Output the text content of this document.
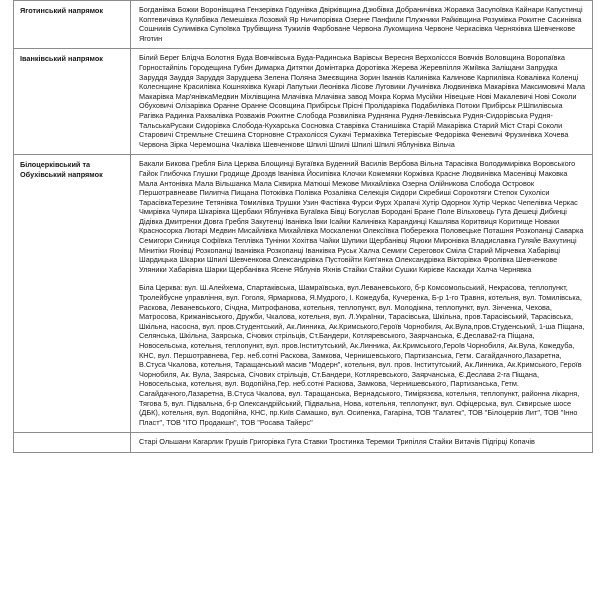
Яготинський напрямок	Богданівка Божки Воронівщина Гензерівка Годунівка Двірківщина Дзюбівка Добраничівка Жоравка Засупоївка Кайнари Капустинці Коптевичівка Кулябівка Лемешівка Лозовий Яр Ничипорівка Озерне Панфили Плужники Райківщина Розумівка Рокитне Сасинівка Сошників Сулимівка Супоївка Трубівщина Тужилів Фарбоване Червона Лукомщина Червоне Черкасівка Черняхівка Шевченкове Яготин

Іванківський напрямок	Білий Берег Блідча Болотня Буда Вовчківська Буда-Радинська Варівськ Вересня Верхоліссся Вовчків Воловщина Воропаївка Горностайпіль Городещина Губин Димарка Дитятки Домінтарка Доротівка Жерева Жеревпілля Жміївка Заліщани Запрудка Заруддя Зауддя Заруддя Зарудцева Зелена Поляна Змеєвщина Зорин Іванків Калинівка Калинове Карпилівка Ковалівка Коленці Колеснщине Красилівка Кошняхівка Кукарі Лапутьки Леонівка Лісове Луговики Лучинівка Людвинівка Макарівка Максимовичі Мала Макарівка Мар'янівкаМедвин Міхлівщина Млачівка Млачівка завод Мокра Корма Мусійки Нівецьке Нові Макалевичі Нові Соколи Обуховичі Олізарівка Оранне Оранне Осовщина Прибірськ Прісні Пролідарівка Подабилівка Потоки Прибірськ Р.Шпилівська Рагівка Радинка Рахвалівка Розважів Рокитне Слобода Розвилівка Руднянка Рудня-Левківська Рудня-Сидорівська Рудня-ТальськаРусаки Сидорівка Слобода-Кухарська Сосновка Ставрівка Станишівка Старій Макарівка Старий Міст Старі Соколи Старовичі Стремльне Стешина Сторновне Страхолісся Сукачі Термахівка Тетерівське Федорівка Феневичі Фрузинівка Хочева Червона Зірка Черемошна Чкалівка Шевченкове Шпилі Шпилі Шпилі Шпилі Яблунівка Вільча

Білоцерківський та Обухівський напрямок	Бакали Бикова Гребля Біла Церква Блощинці Бугаївка Буденний Василів Вербова Вільна Тарасівка Володимирівка Воровського Гайок Глибочка Глушки Гродище Дроздв Іванівка Йосипівка Клочки Кожемяки Коржівка Красне Людвинівка Масенівці Маковка Мала Антонівка Мала Вільшанка Мала Сквирка Матюші Межове Михайлівка Озерна Олійникова Слобода Островок Першотравнеаве Пилипча Пищана Потоківка Полівка Розалівка Селекція Сидори Скребиші Сорокотяги Степок Сухоліси ТарасівкаТерезине Тетянівка Томилівка Трушки Узин Фастівка Фурси Фурх Храпачі Хутір Одорнок Хутір Черкас Чепелівка Черкас Чмирівка Чупира Шкарівка Щербаки Яблунівка Бугаївка Бівці Богуслав Бородані Бране Поле Вільховець Гута Дешеці Дибинці Дідівка Дмитренки Довга Гребля Закутенці Іванівка Ївки Ісайки Калинівка Карандинці Кашлява Коритвиця Коритище Новаки Красносорка Лютарі Медвин Мисайлівка Михайлівка Москаленки Олексіївка Побережка Половецьке Поташня Розкопанці Саварка Семигори Синиця Софіївка Теплівка Тунінки Хохітва Чайки Шупики Щербанівці Яцюки Миронівка Владиславка Гуляйе Вахутинці Мінитіки Яхнівці Розкопанці Іванківка Розкопанці Іванківка Руськ Халча Семиги Сереговок Сміла Старий Мірчевка Хабарівці Шардицька Шкарки Шпилі Шевченкова Олександрівка Пустовійти Кип'янка Олександрівка Вікторівка Фролівка Шевченкове Уляники Хабарівка Шарки Щербанівка Ясене Яблунів Яхнів Стайки Стайки Сушки Кирієве Каскади Халча Чернявка

Біла Церква: вул. Ш.Алейхема, Спартаківська, Шамраївська, вул.Леваневського, б-р Комсомольський, Некрасова, теплопункт, Тролейбусне управління, вул. Гоголя, Ярмаркова, Я.Мудрого, І. Кожедуба, Кучеренка, Б-р 1-го Травня, котельня, вул. Томилівська, Раскова, Леваневського, Січдна, Митрофанова, котельня, теплопункт, вул. Молодіжна, теплопункт, вул. Зінченка, Чехова, Матросова, Крижанівського, Дружби, Чкалова, котельня, вул. Л.Українки, Тарасівська, Шкільна, пров.Тарасівський, Тарасівська, Шкільна, насосна, вул. пров.Студентський, Ак.Линника, Ак.Кримського,Героїв Чорнобиля, Ак.Вула,пров.Студенський, 1-ша Піщана, Селянська, Шкільна, Заярська, Січових стрільців, Ст.Бандери, Котляревського, Заярчанська, Є.Деслава2-га Піщана, Новосельська, котельня, теплопункт, вул. пров.Інститутський, Ак.Линника, Ак.Кримського,Героїв Чорнобиля, Ак.Вула, Кожедуба, КНС, вул. Першотравнева, Гер. неб.сотні Раскова, Замкова, Чернишевського, Партизанська, Гетм. Сагайдачного,Лазаретна, В.Стуса Чкалова, котельня, Таращанський масив "Модерн", котельня, вул. пров. Інститутський, Ак.Линника, Ак.Кримського, Героїв Чорнобиля, Ак. Вула, Заярська, Січових стрільців, Ст.Бандери, Котляревського, Заярчанська, Є.Деслава 2-га Піщана, Новосельська, котельня, вул. Водопійна,Гер. неб.сотні Раскова, Замкова, Чернишевського, Партизанська, Гетм. Сагайдачного,Лазаретна, В.Стуса Чкалова, вул. Таращанська, Вернадського, Тимірязєва, котельня, теплопункт, районна лікарня, Тягова 5, вул. Підвальна, б-р Олександрійський, Підвальна, Нова, котельня, теплопункт, вул. Офіцерська, вул. Сквирське шосе (ДБК), котельня, вул. Водопійна, КНС, пр.Київ Самашко, вул. Осипенка, Гагаріна, ТОВ "Галатек", ТОВ "Білоцерків Лит", ТОВ "Інно Пласт", ТОВ "ІТО Продакшн", ТОВ "Росава Тайерс"

	Старі Ольшани Кагарлик Грушів Григорівка Гута Ставки Тростинка Теремки Трипілля Стайки Витачів Підгірці Копачів
